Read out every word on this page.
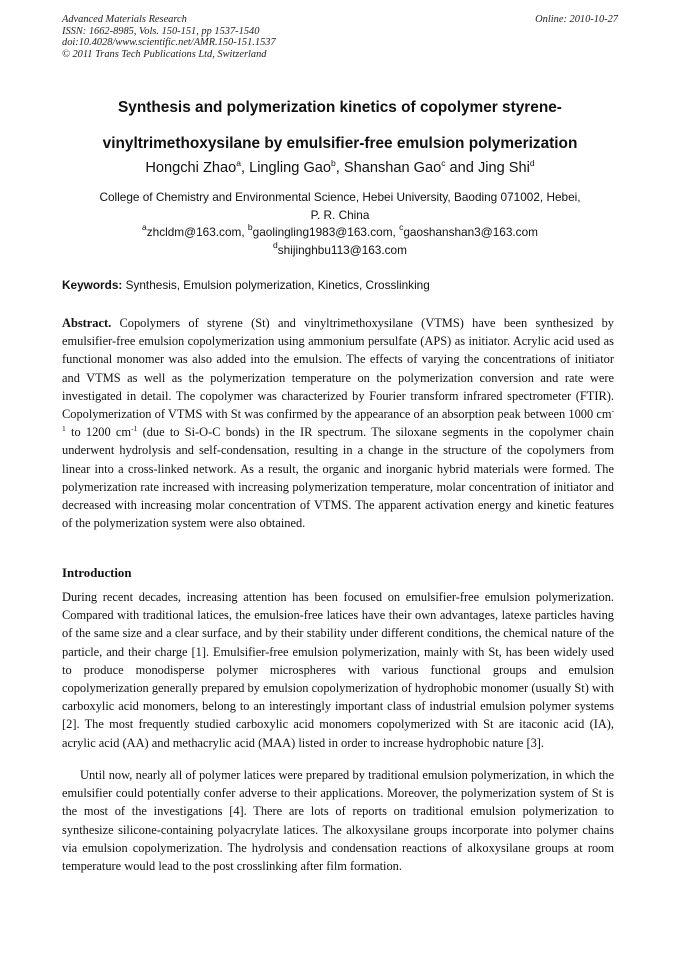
Advanced Materials Research
ISSN: 1662-8985, Vols. 150-151, pp 1537-1540
doi:10.4028/www.scientific.net/AMR.150-151.1537
© 2011 Trans Tech Publications Ltd, Switzerland
Online: 2010-10-27
Synthesis and polymerization kinetics of copolymer styrene-
vinyltrimethoxysilane by emulsifier-free emulsion polymerization
Hongchi Zhao$^a$, Lingling Gao$^b$, Shanshan Gao$^c$ and Jing Shi$^d$
College of Chemistry and Environmental Science, Hebei University, Baoding 071002, Hebei,
P. R. China
$^a$zhcldm@163.com, $^b$gaolingling1983@163.com, $^c$gaoshanshan3@163.com
$^d$shijinghbu113@163.com
Keywords: Synthesis, Emulsion polymerization, Kinetics, Crosslinking
Abstract. Copolymers of styrene (St) and vinyltrimethoxysilane (VTMS) have been synthesized by emulsifier-free emulsion copolymerization using ammonium persulfate (APS) as initiator. Acrylic acid used as functional monomer was also added into the emulsion. The effects of varying the concentrations of initiator and VTMS as well as the polymerization temperature on the polymerization conversion and rate were investigated in detail. The copolymer was characterized by Fourier transform infrared spectrometer (FTIR). Copolymerization of VTMS with St was confirmed by the appearance of an absorption peak between 1000 $cm^{-1}$ to 1200 $cm^{-1}$ (due to Si-O-C bonds) in the IR spectrum. The siloxane segments in the copolymer chain underwent hydrolysis and self-condensation, resulting in a change in the structure of the copolymers from linear into a cross-linked network. As a result, the organic and inorganic hybrid materials were formed. The polymerization rate increased with increasing polymerization temperature, molar concentration of initiator and decreased with increasing molar concentration of VTMS. The apparent activation energy and kinetic features of the polymerization system were also obtained.
Introduction
During recent decades, increasing attention has been focused on emulsifier-free emulsion polymerization. Compared with traditional latices, the emulsion-free latices have their own advantages, latexe particles having of the same size and a clear surface, and by their stability under different conditions, the chemical nature of the particle, and their charge [1]. Emulsifier-free emulsion polymerization, mainly with St, has been widely used to produce monodisperse polymer microspheres with various functional groups and emulsion copolymerization generally prepared by emulsion copolymerization of hydrophobic monomer (usually St) with carboxylic acid monomers, belong to an interestingly important class of industrial emulsion polymer systems [2]. The most frequently studied carboxylic acid monomers copolymerized with St are itaconic acid (IA), acrylic acid (AA) and methacrylic acid (MAA) listed in order to increase hydrophobic nature [3].
Until now, nearly all of polymer latices were prepared by traditional emulsion polymerization, in which the emulsifier could potentially confer adverse to their applications. Moreover, the polymerization system of St is the most of the investigations [4]. There are lots of reports on traditional emulsion polymerization to synthesize silicone-containing polyacrylate latices. The alkoxysilane groups incorporate into polymer chains via emulsion copolymerization. The hydrolysis and condensation reactions of alkoxysilane groups at room temperature would lead to the post crosslinking after film formation.
